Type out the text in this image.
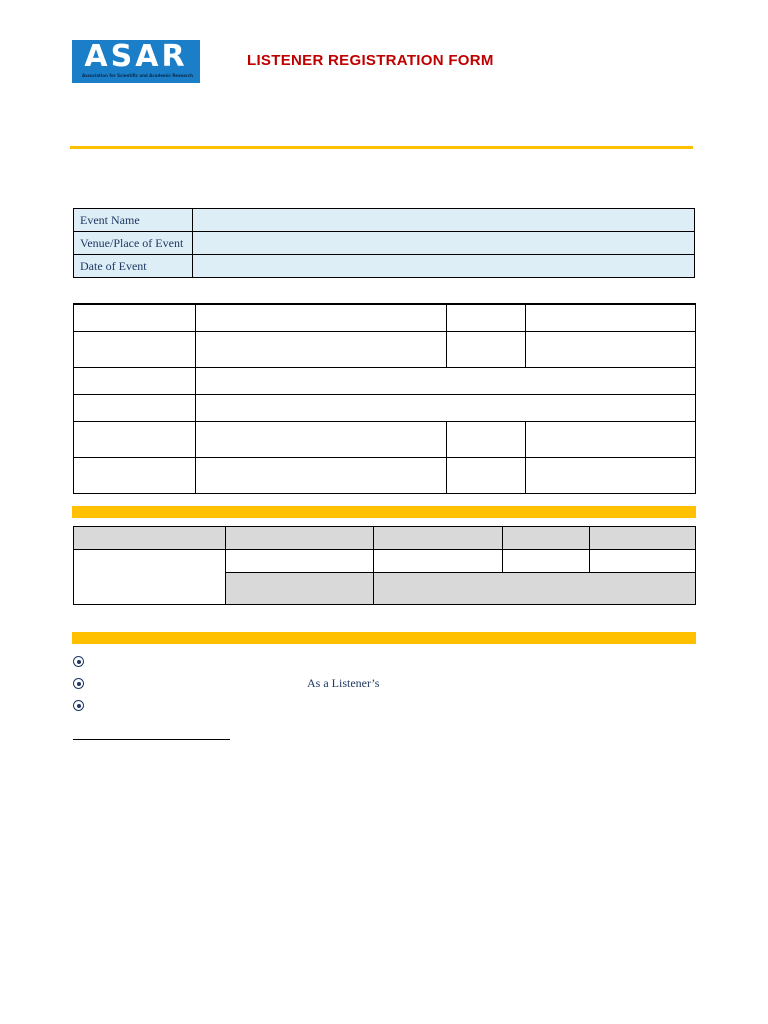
ASAR
Association for Scientific and Academic Research
LISTENER REGISTRATION FORM
Event Name	
Venue/Place of Event	
Date of Event	

As a Listener’s
